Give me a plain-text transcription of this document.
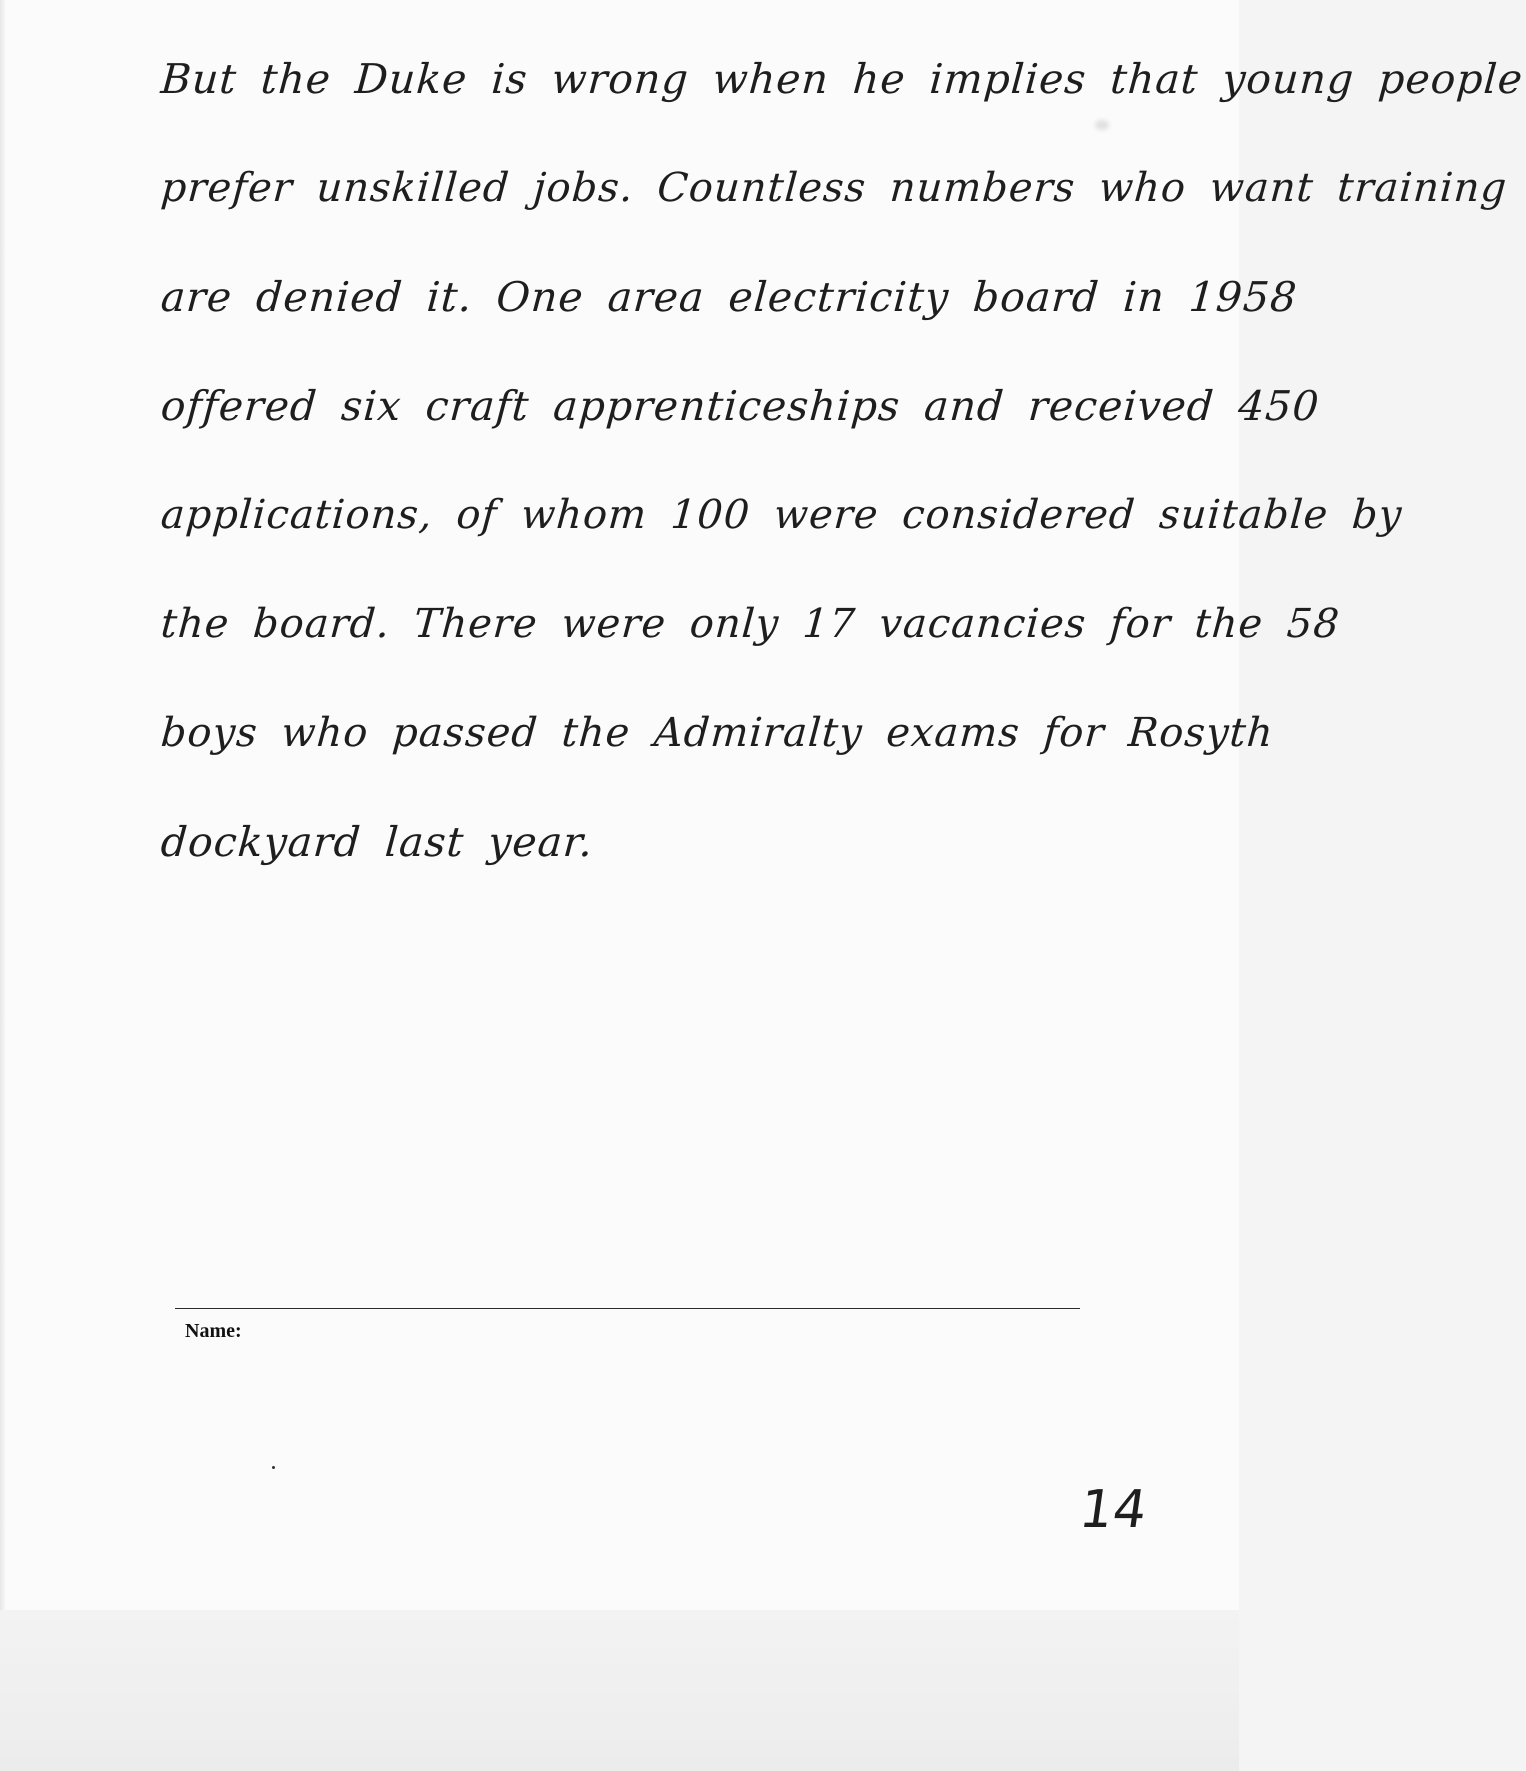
But the Duke is wrong when he implies that young people
prefer unskilled jobs. Countless numbers who want training
are denied it. One area electricity board in 1958
offered six craft apprenticeships and received 450
applications, of whom 100 were considered suitable by
the board. There were only 17 vacancies for the 58
boys who passed the Admiralty exams for Rosyth
dockyard last year.
Name:
14
